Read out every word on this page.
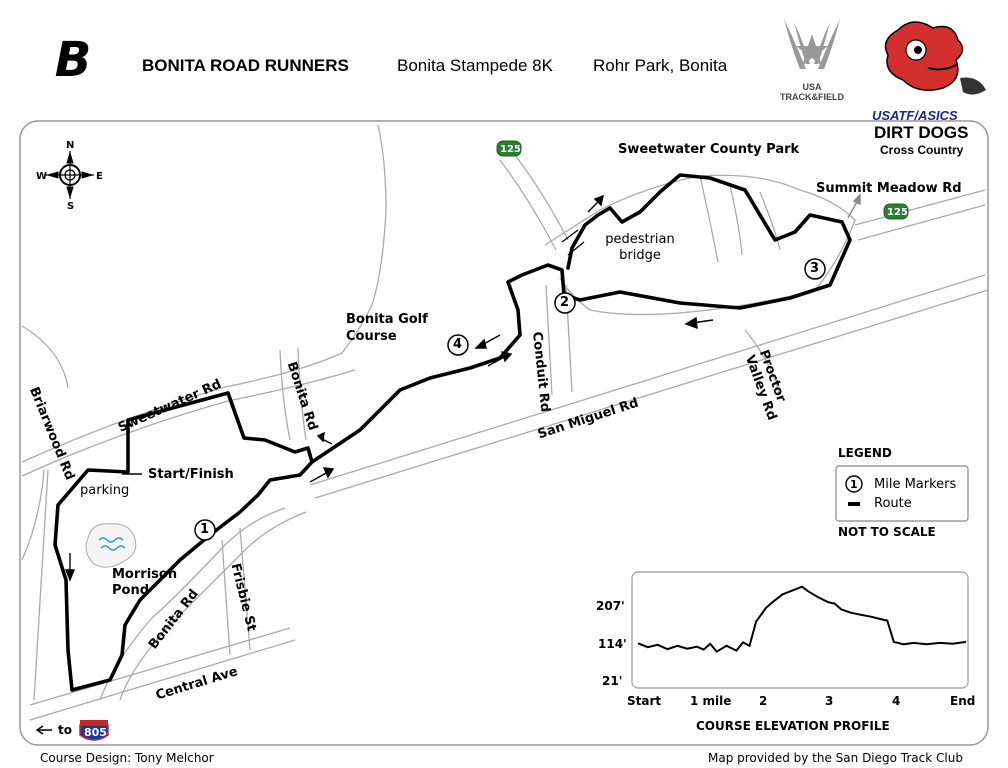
B	BONITA ROAD RUNNERS	Bonita Stampede 8K Rohr Park, Bonita
USA TRACK&FIELD
USATF/ASICS
DIRT DOGS
Cross Country
N
S
W	E
Briarwood Rd	Sweetwater Rd	Bonita Rd
Bonita Rd Frisbie St
Central Ave
San Miguel Rd
Conduit Rd	Proctor Valley Rd
Summit Meadow Rd
125
125
805
to
Bonita Golf Course
Sweetwater County Park
pedestrian bridge
parking
Start/Finish
Morrison Pond
1
2
3
4
LEGEND
1 Mile Markers
Route
NOT TO SCALE
207'
114'
21'
Start 1 mile 2	3	4	End
COURSE ELEVATION PROFILE
Course Design: Tony Melchor	Map provided by the San Diego Track Club
